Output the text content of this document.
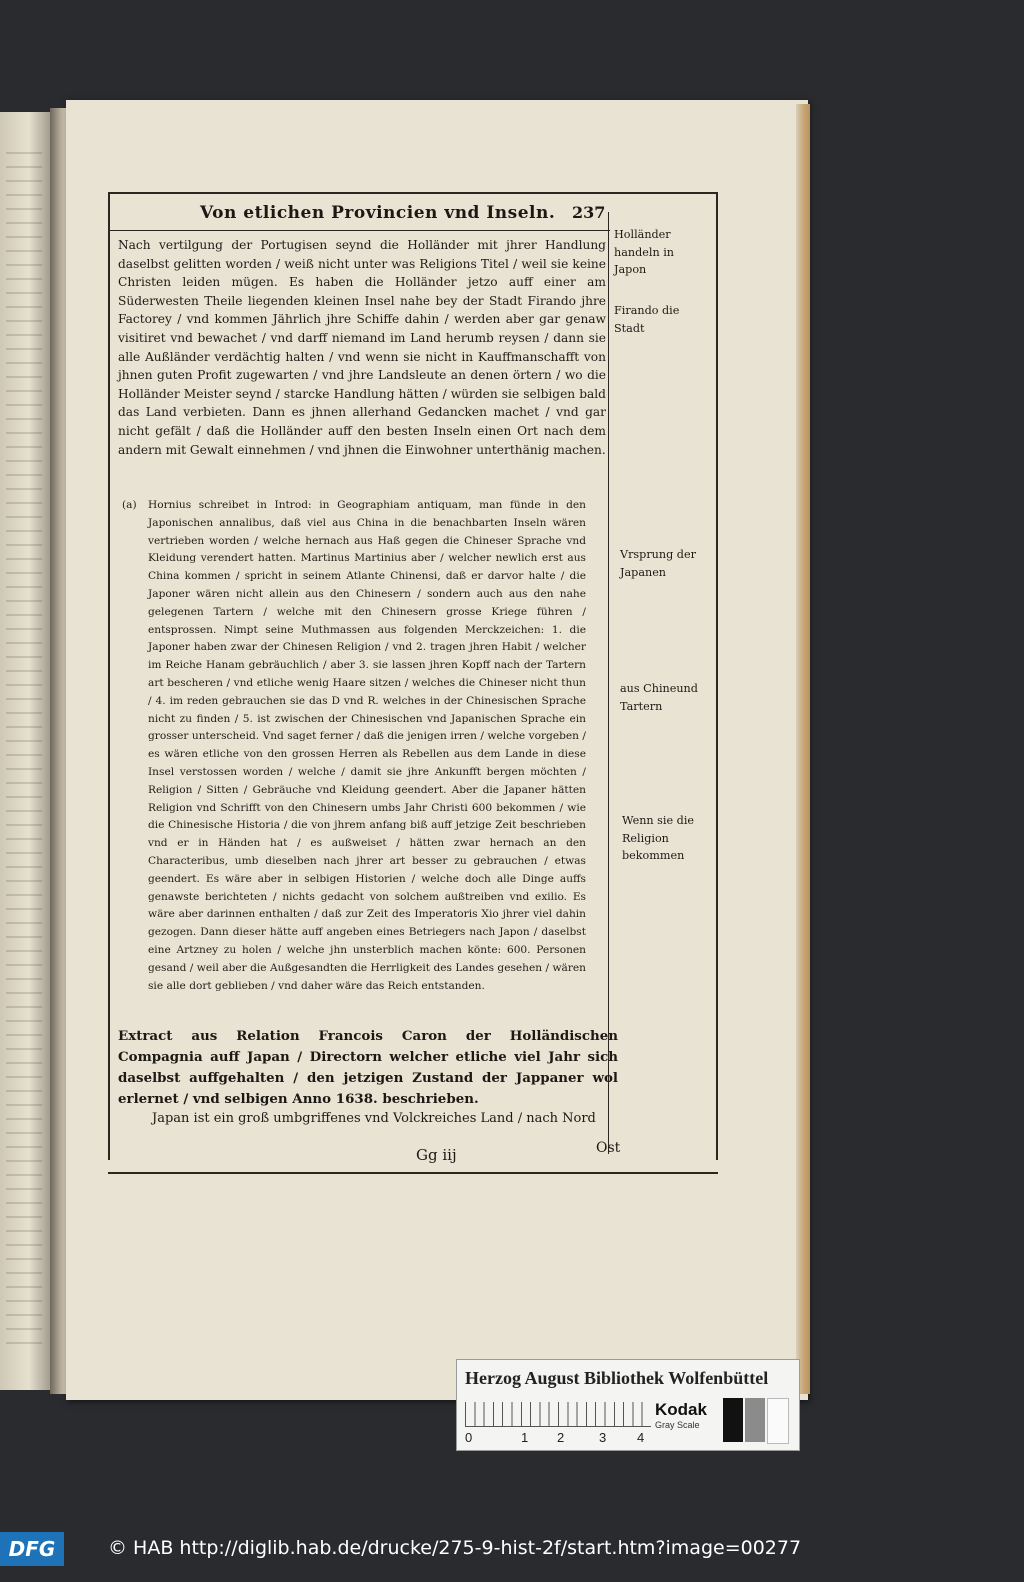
Von etlichen Provincien vnd Inseln. 237
Nach vertilgung der Portugisen seynd die Holländer mit jhrer Handlung daselbst gelitten worden / weiß nicht unter was Religions Titel / weil sie keine Christen leiden mügen. Es haben die Holländer jetzo auff einer am Süderwesten Theile liegenden kleinen Insel nahe bey der Stadt Firando jhre Factorey / vnd kommen Jährlich jhre Schiffe dahin / werden aber gar genaw visitiret vnd bewachet / vnd darff niemand im Land herumb reysen / dann sie alle Außländer verdächtig halten / vnd wenn sie nicht in Kauffmanschafft von jhnen guten Profit zugewarten / vnd jhre Landsleute an denen örtern / wo die Holländer Meister seynd / starcke Handlung hätten / würden sie selbigen bald das Land verbieten. Dann es jhnen allerhand Gedancken machet / vnd gar nicht gefält / daß die Holländer auff den besten Inseln einen Ort nach dem andern mit Gewalt einnehmen / vnd jhnen die Einwohner unterthänig machen.
(a) Hornius schreibet in Introd: in Geographiam antiquam, man fünde in den Japonischen annalibus, daß viel aus China in die benachbarten Inseln wären vertrieben worden / welche hernach aus Haß gegen die Chineser Sprache vnd Kleidung verendert hatten. Martinus Martinius aber / welcher newlich erst aus China kommen / spricht in seinem Atlante Chinensi, daß er darvor halte / die Japoner wären nicht allein aus den Chinesern / sondern auch aus den nahe gelegenen Tartern / welche mit den Chinesern grosse Kriege führen / entsprossen. Nimpt seine Muthmassen aus folgenden Merckzeichen: 1. die Japoner haben zwar der Chinesen Religion / vnd 2. tragen jhren Habit / welcher im Reiche Hanam gebräuchlich / aber 3. sie lassen jhren Kopff nach der Tartern art bescheren / vnd etliche wenig Haare sitzen / welches die Chineser nicht thun / 4. im reden gebrauchen sie das D vnd R. welches in der Chinesischen Sprache nicht zu finden / 5. ist zwischen der Chinesischen vnd Japanischen Sprache ein grosser unterscheid. Vnd saget ferner / daß die jenigen irren / welche vorgeben / es wären etliche von den grossen Herren als Rebellen aus dem Lande in diese Insel verstossen worden / welche / damit sie jhre Ankunfft bergen möchten / Religion / Sitten / Gebräuche vnd Kleidung geendert. Aber die Japaner hätten Religion vnd Schrifft von den Chinesern umbs Jahr Christi 600 bekommen / wie die Chinesische Historia / die von jhrem anfang biß auff jetzige Zeit beschrieben vnd er in Händen hat / es außweiset / hätten zwar hernach an den Characteribus, umb dieselben nach jhrer art besser zu gebrauchen / etwas geendert. Es wäre aber in selbigen Historien / welche doch alle Dinge auffs genawste berichteten / nichts gedacht von solchem außtreiben vnd exilio. Es wäre aber darinnen enthalten / daß zur Zeit des Imperatoris Xio jhrer viel dahin gezogen. Dann dieser hätte auff angeben eines Betriegers nach Japon / daselbst eine Artzney zu holen / welche jhn unsterblich machen könte: 600. Personen gesand / weil aber die Außgesandten die Herrligkeit des Landes gesehen / wären sie alle dort geblieben / vnd daher wäre das Reich entstanden.
Extract aus Relation Francois Caron der Holländischen Compagnia auff Japan / Directorn welcher etliche viel Jahr sich daselbst auffgehalten / den jetzigen Zustand der Jappaner wol erlernet / vnd selbigen Anno 1638. beschrieben.
Japan ist ein groß umbgriffenes vnd Volckreiches Land / nach Nord
Holländer handeln in Japon
Firando die Stadt
Vrsprung der Japanen
aus Chineund Tartern
Wenn sie die Religion bekommen
Gg iij	Ost
Herzog August Bibliothek Wolfenbüttel
0	1 2	3 4
Kodak
Gray Scale
DFG	© HAB http://diglib.hab.de/drucke/275-9-hist-2f/start.htm?image=00277
